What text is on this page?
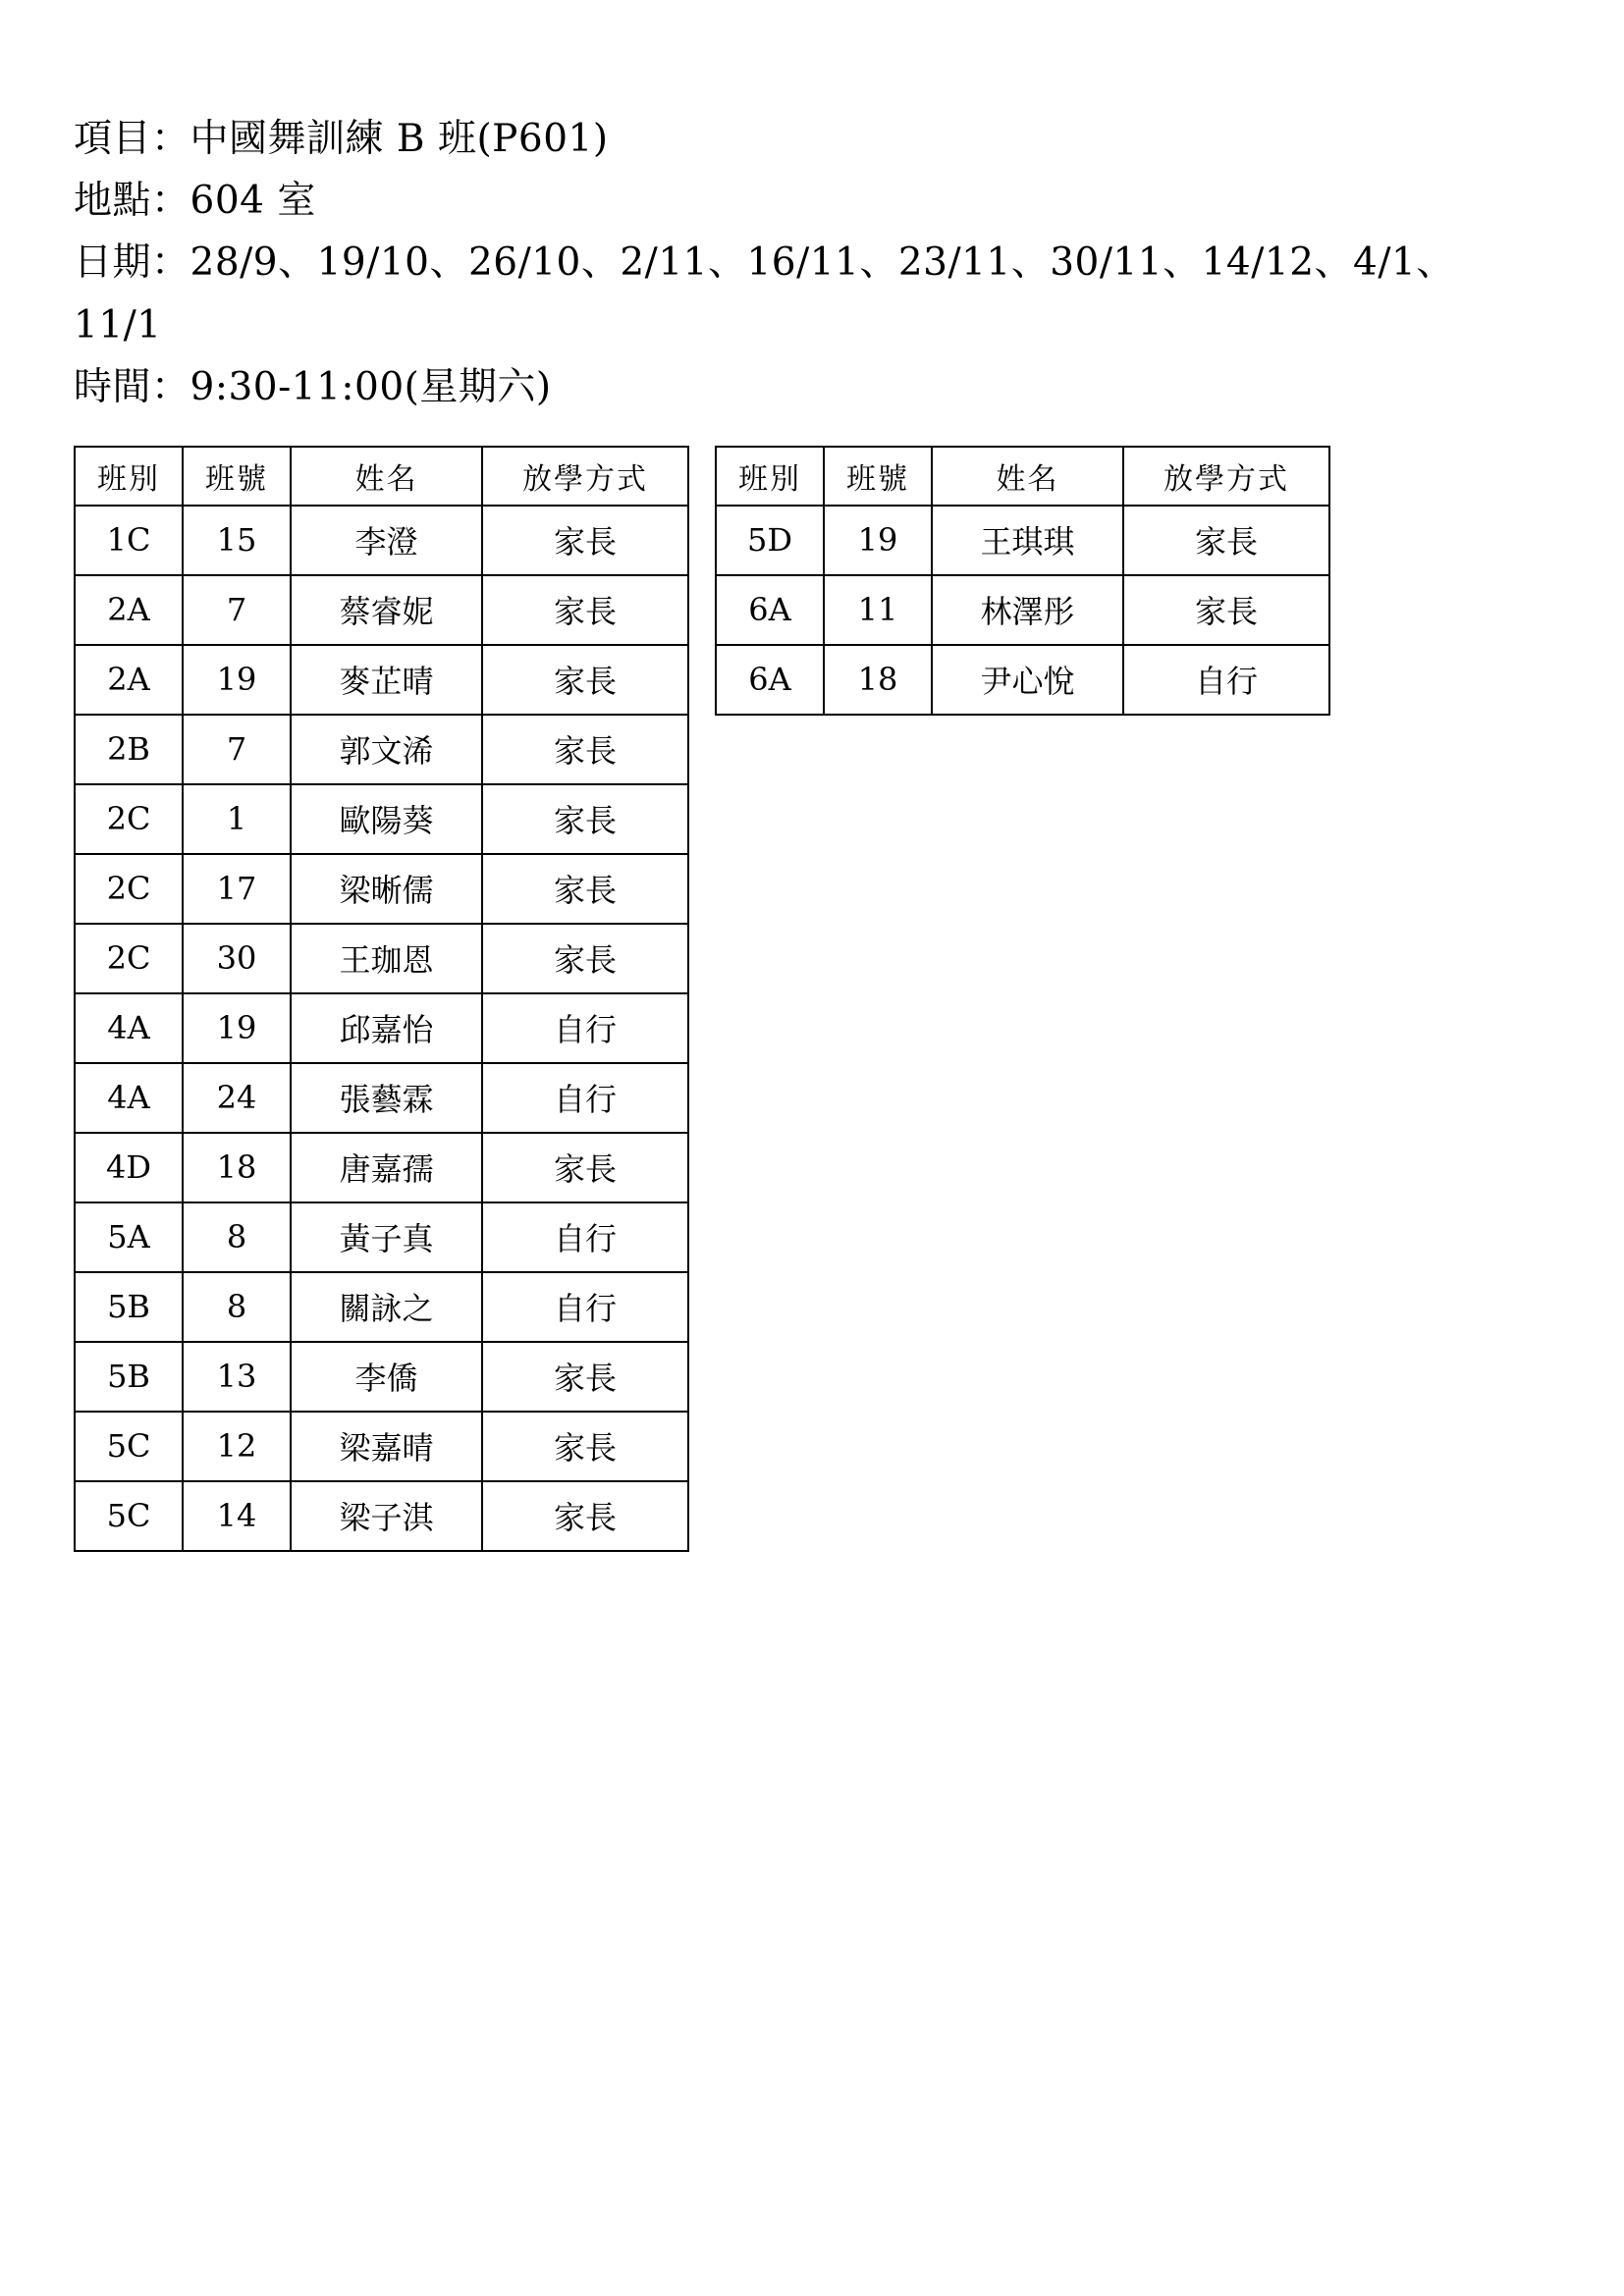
項目：中國舞訓練 B 班(P601)
地點：604 室
日期：28/9、19/10、26/10、2/11、16/11、23/11、30/11、14/12、4/1、11/1
時間：9:30-11:00(星期六)
班別	班號	姓名	放學方式
1C	15	李澄	家長
2A	7	蔡睿妮	家長
2A	19	麥芷晴	家長
2B	7	郭文浠	家長
2C	1	歐陽葵	家長
2C	17	梁晰儒	家長
2C	30	王珈恩	家長
4A	19	邱嘉怡	自行
4A	24	張藝霖	自行
4D	18	唐嘉孺	家長
5A	8	黃子真	自行
5B	8	關詠之	自行
5B	13	李僑	家長
5C	12	梁嘉晴	家長
5C	14	梁子淇	家長
班別	班號	姓名	放學方式
5D	19	王琪琪	家長
6A	11	林澤彤	家長
6A	18	尹心悅	自行
